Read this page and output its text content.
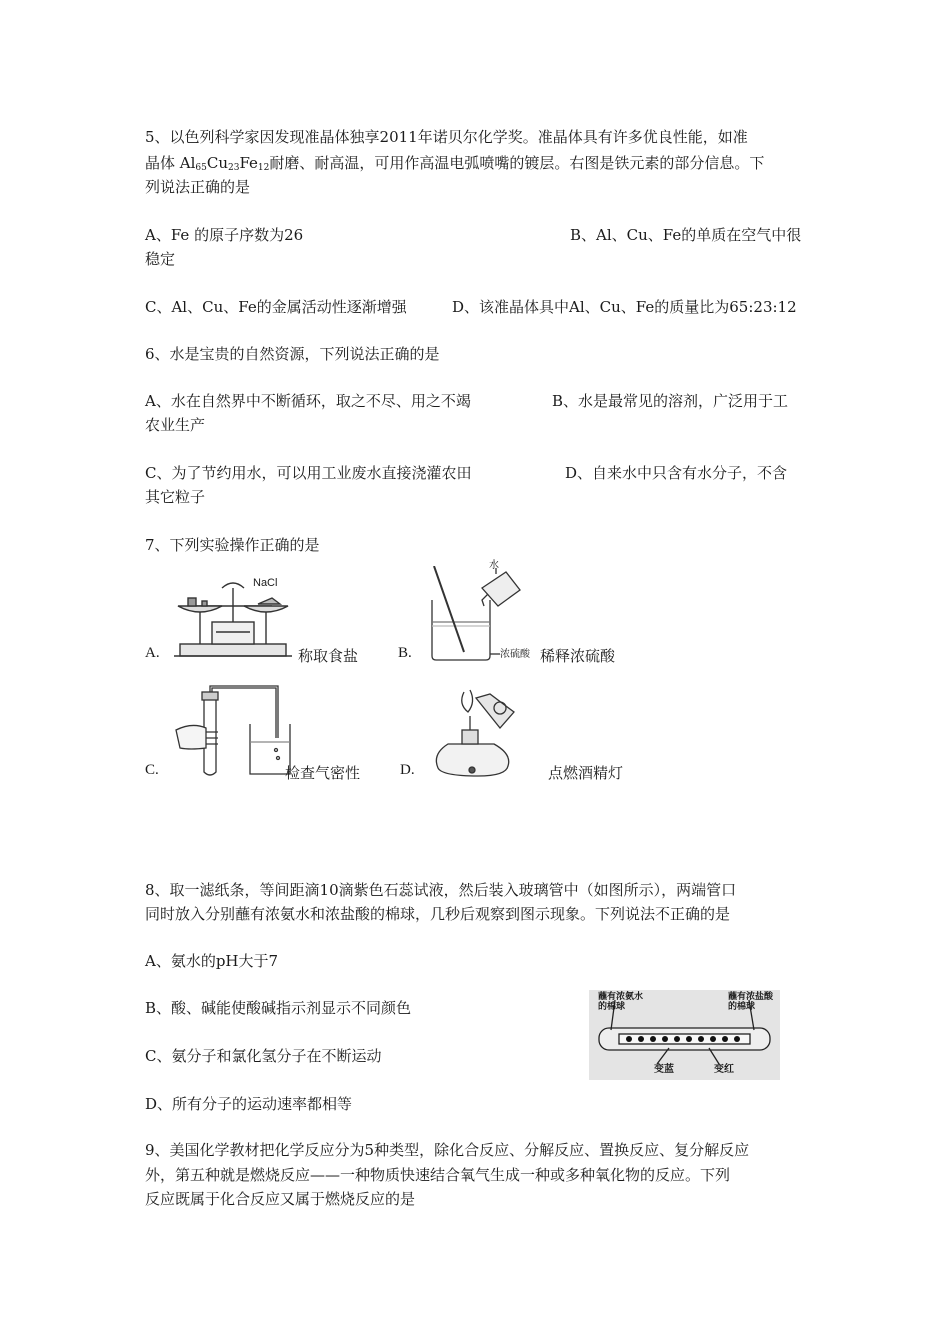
5、以色列科学家因发现准晶体独享2011年诺贝尔化学奖。准晶体具有许多优良性能，如准
晶体 $Al_{65}Cu_{23}Fe_{12}$耐磨、耐高温，可用作高温电弧喷嘴的镀层。右图是铁元素的部分信息。下
列说法正确的是
A、Fe 的原子序数为26	B、Al、Cu、Fe的单质在空气中很
稳定
C、Al、Cu、Fe的金属活动性逐渐增强	D、该准晶体具中Al、Cu、Fe的质量比为65:23:12
6、水是宝贵的自然资源，下列说法正确的是
A、水在自然界中不断循环，取之不尽、用之不竭	B、水是最常见的溶剂，广泛用于工
农业生产
C、为了节约用水，可以用工业废水直接浇灌农田	D、自来水中只含有水分子，不含
其它粒子
7、下列实验操作正确的是
A.
NaCl
称取食盐	B.
水
浓硫酸 稀释浓硫酸
C.	检查气密性	D.	点燃酒精灯
8、取一滤纸条，等间距滴10滴紫色石蕊试液，然后装入玻璃管中（如图所示），两端管口
同时放入分别蘸有浓氨水和浓盐酸的棉球，几秒后观察到图示现象。下列说法不正确的是
A、氨水的pH大于7
B、酸、碱能使酸碱指示剂显示不同颜色
C、氨分子和氯化氢分子在不断运动
D、所有分子的运动速率都相等
蘸有浓氨水
的棉球
蘸有浓盐酸
的棉球
变蓝	变红
9、美国化学教材把化学反应分为5种类型，除化合反应、分解反应、置换反应、复分解反应
外，第五种就是燃烧反应——一种物质快速结合氧气生成一种或多种氧化物的反应。下列
反应既属于化合反应又属于燃烧反应的是
